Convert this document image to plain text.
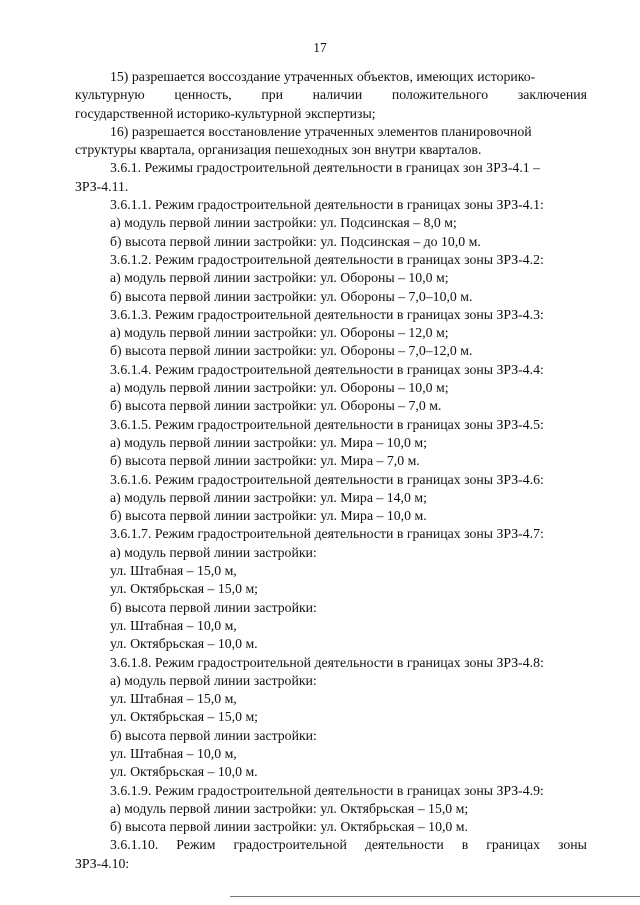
17
15) разрешается воссоздание утраченных объектов, имеющих историко-
культурную ценность, при наличии положительного заключения
государственной историко-культурной экспертизы;
16) разрешается восстановление утраченных элементов планировочной
структуры квартала, организация пешеходных зон внутри кварталов.
3.6.1. Режимы градостроительной деятельности в границах зон ЗРЗ-4.1 –
ЗРЗ-4.11.
3.6.1.1. Режим градостроительной деятельности в границах зоны ЗРЗ-4.1:
а) модуль первой линии застройки: ул. Подсинская – 8,0 м;
б) высота первой линии застройки: ул. Подсинская – до 10,0 м.
3.6.1.2. Режим градостроительной деятельности в границах зоны ЗРЗ-4.2:
а) модуль первой линии застройки: ул. Обороны – 10,0 м;
б) высота первой линии застройки: ул. Обороны – 7,0–10,0 м.
3.6.1.3. Режим градостроительной деятельности в границах зоны ЗРЗ-4.3:
а) модуль первой линии застройки: ул. Обороны – 12,0 м;
б) высота первой линии застройки: ул. Обороны – 7,0–12,0 м.
3.6.1.4. Режим градостроительной деятельности в границах зоны ЗРЗ-4.4:
а) модуль первой линии застройки: ул. Обороны – 10,0 м;
б) высота первой линии застройки: ул. Обороны – 7,0 м.
3.6.1.5. Режим градостроительной деятельности в границах зоны ЗРЗ-4.5:
а) модуль первой линии застройки: ул. Мира – 10,0 м;
б) высота первой линии застройки: ул. Мира – 7,0 м.
3.6.1.6. Режим градостроительной деятельности в границах зоны ЗРЗ-4.6:
а) модуль первой линии застройки: ул. Мира – 14,0 м;
б) высота первой линии застройки: ул. Мира – 10,0 м.
3.6.1.7. Режим градостроительной деятельности в границах зоны ЗРЗ-4.7:
а) модуль первой линии застройки:
ул. Штабная – 15,0 м,
ул. Октябрьская – 15,0 м;
б) высота первой линии застройки:
ул. Штабная – 10,0 м,
ул. Октябрьская – 10,0 м.
3.6.1.8. Режим градостроительной деятельности в границах зоны ЗРЗ-4.8:
а) модуль первой линии застройки:
ул. Штабная – 15,0 м,
ул. Октябрьская – 15,0 м;
б) высота первой линии застройки:
ул. Штабная – 10,0 м,
ул. Октябрьская – 10,0 м.
3.6.1.9. Режим градостроительной деятельности в границах зоны ЗРЗ-4.9:
а) модуль первой линии застройки: ул. Октябрьская – 15,0 м;
б) высота первой линии застройки: ул. Октябрьская – 10,0 м.
3.6.1.10. Режим градостроительной деятельности в границах зоны
ЗРЗ-4.10:
